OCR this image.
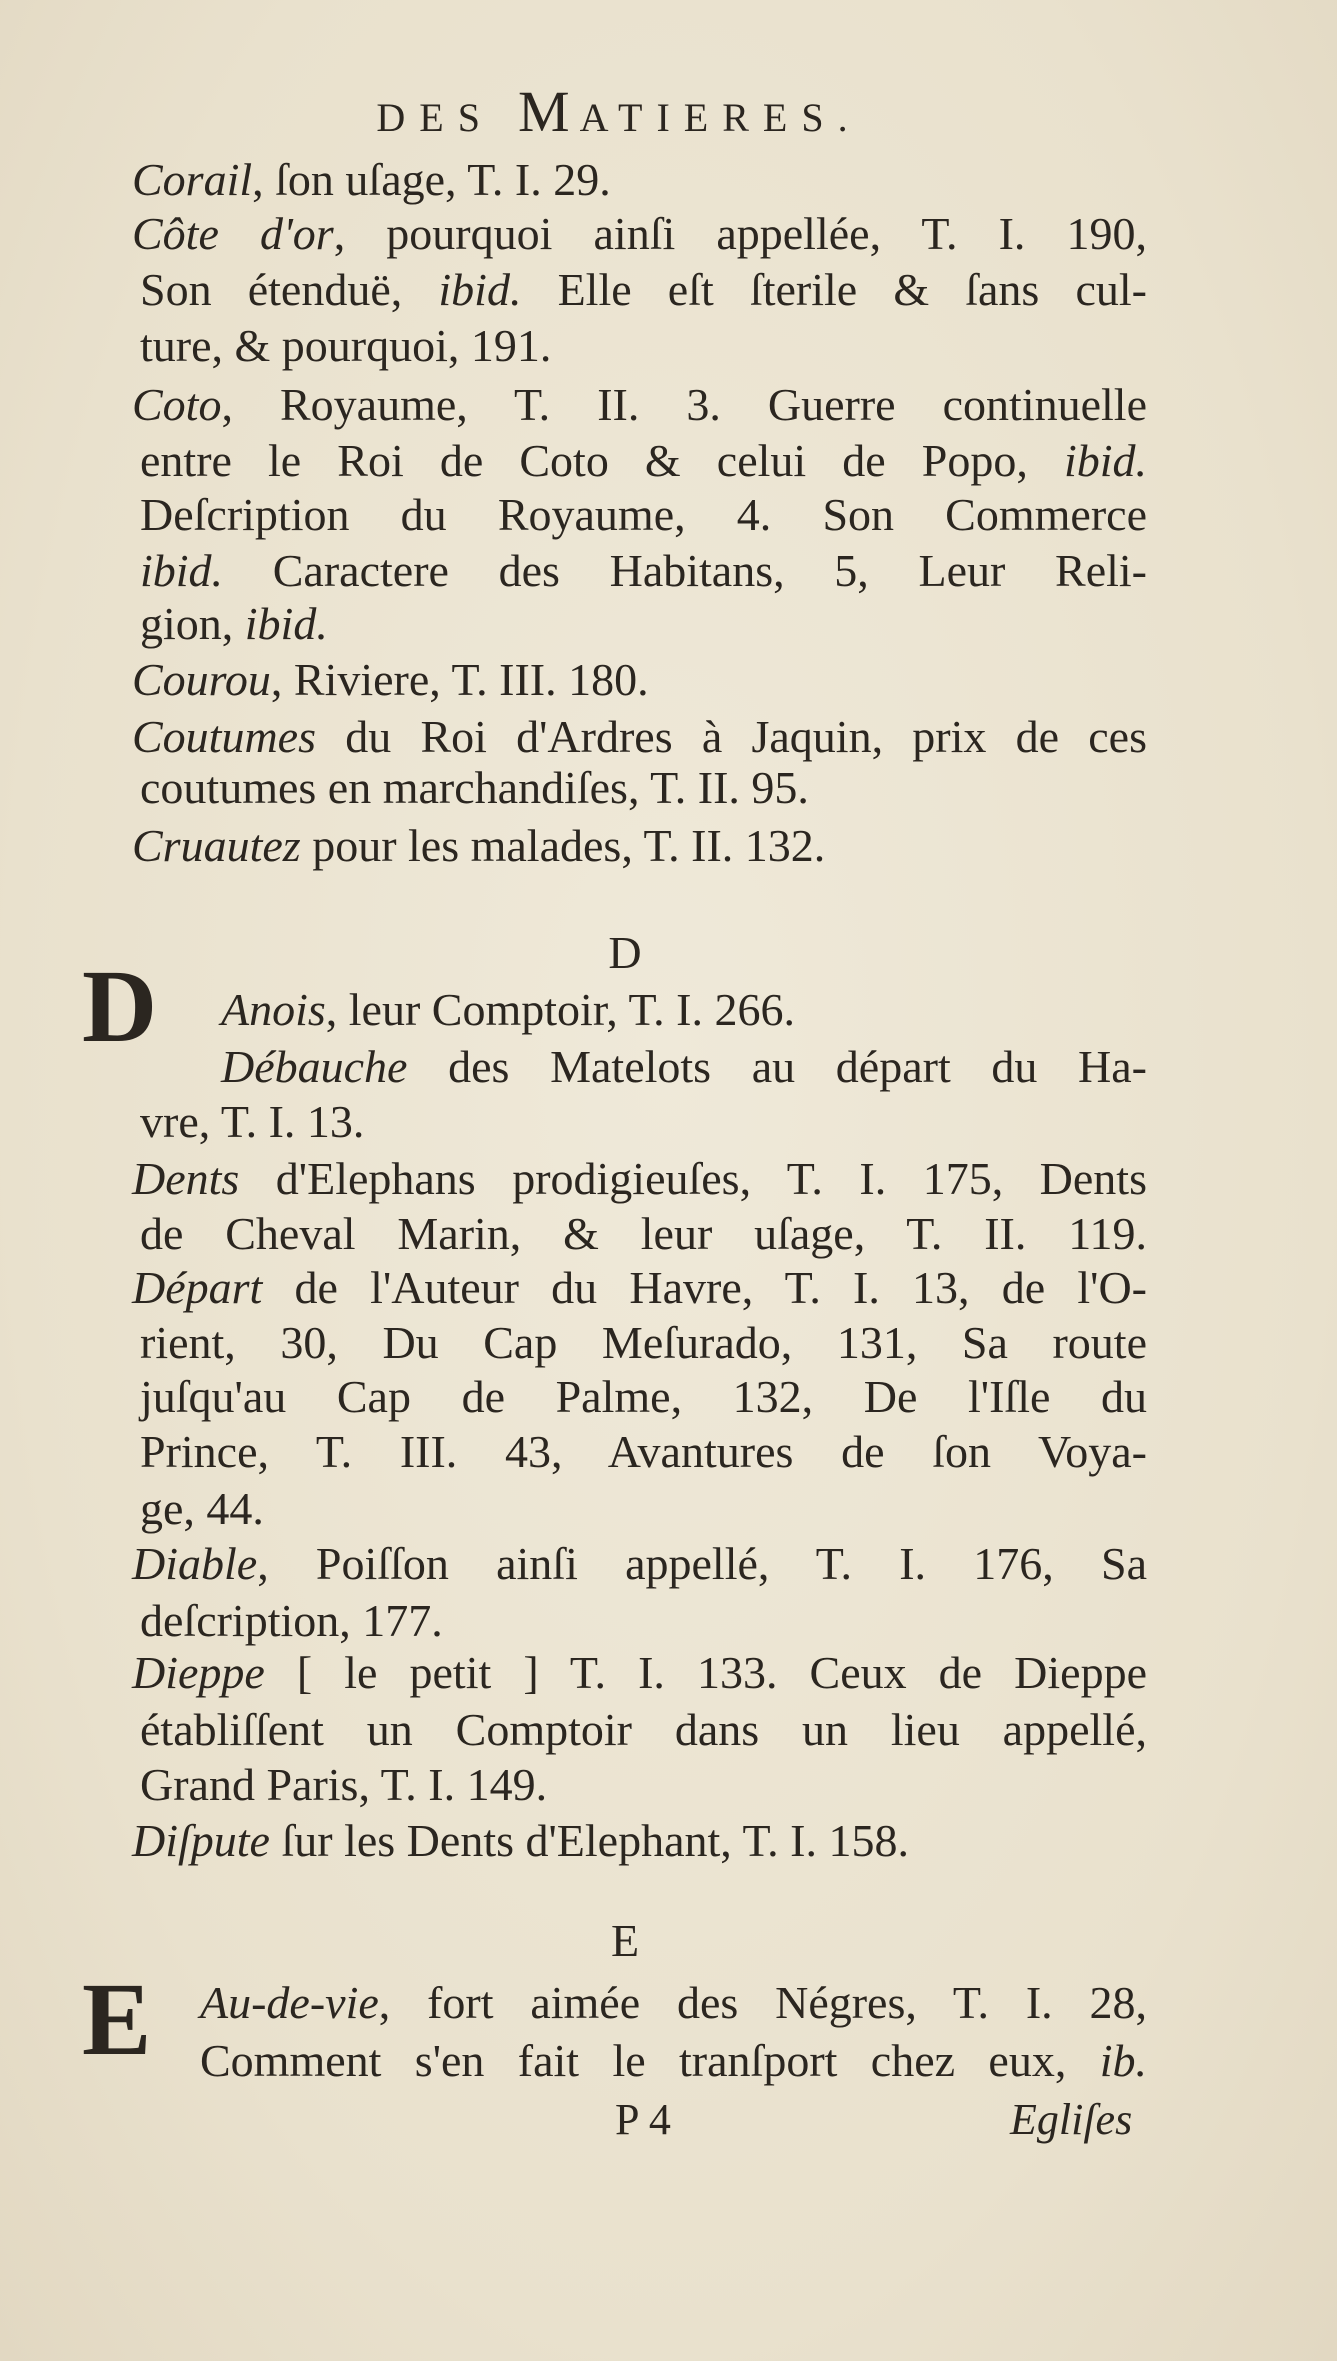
DES MATIERES.
D
D
E
E
Corail, ſon uſage, T. I. 29.
Côte d'or, pourquoi ainſi appellée, T. I. 190,
Son étenduë, ibid. Elle eſt ſterile & ſans cul-
ture, & pourquoi, 191.
Coto, Royaume, T. II. 3. Guerre continuelle
entre le Roi de Coto & celui de Popo, ibid.
Deſcription du Royaume, 4. Son Commerce
ibid. Caractere des Habitans, 5, Leur Reli-
gion, ibid.
Courou, Riviere, T. III. 180.
Coutumes du Roi d'Ardres à Jaquin, prix de ces
coutumes en marchandiſes, T. II. 95.
Cruautez pour les malades, T. II. 132.
Anois, leur Comptoir, T. I. 266.
Débauche des Matelots au départ du Ha-
vre, T. I. 13.
Dents d'Elephans prodigieuſes, T. I. 175, Dents
de Cheval Marin, & leur uſage, T. II. 119.
Départ de l'Auteur du Havre, T. I. 13, de l'O-
rient, 30, Du Cap Meſurado, 131, Sa route
juſqu'au Cap de Palme, 132, De l'Iſle du
Prince, T. III. 43, Avantures de ſon Voya-
ge, 44.
Diable, Poiſſon ainſi appellé, T. I. 176, Sa
deſcription, 177.
Dieppe [ le petit ] T. I. 133. Ceux de Dieppe
établiſſent un Comptoir dans un lieu appellé,
Grand Paris, T. I. 149.
Diſpute ſur les Dents d'Elephant, T. I. 158.
Au-de-vie, fort aimée des Négres, T. I. 28,
Comment s'en fait le tranſport chez eux, ib.
P 4	Egliſes
